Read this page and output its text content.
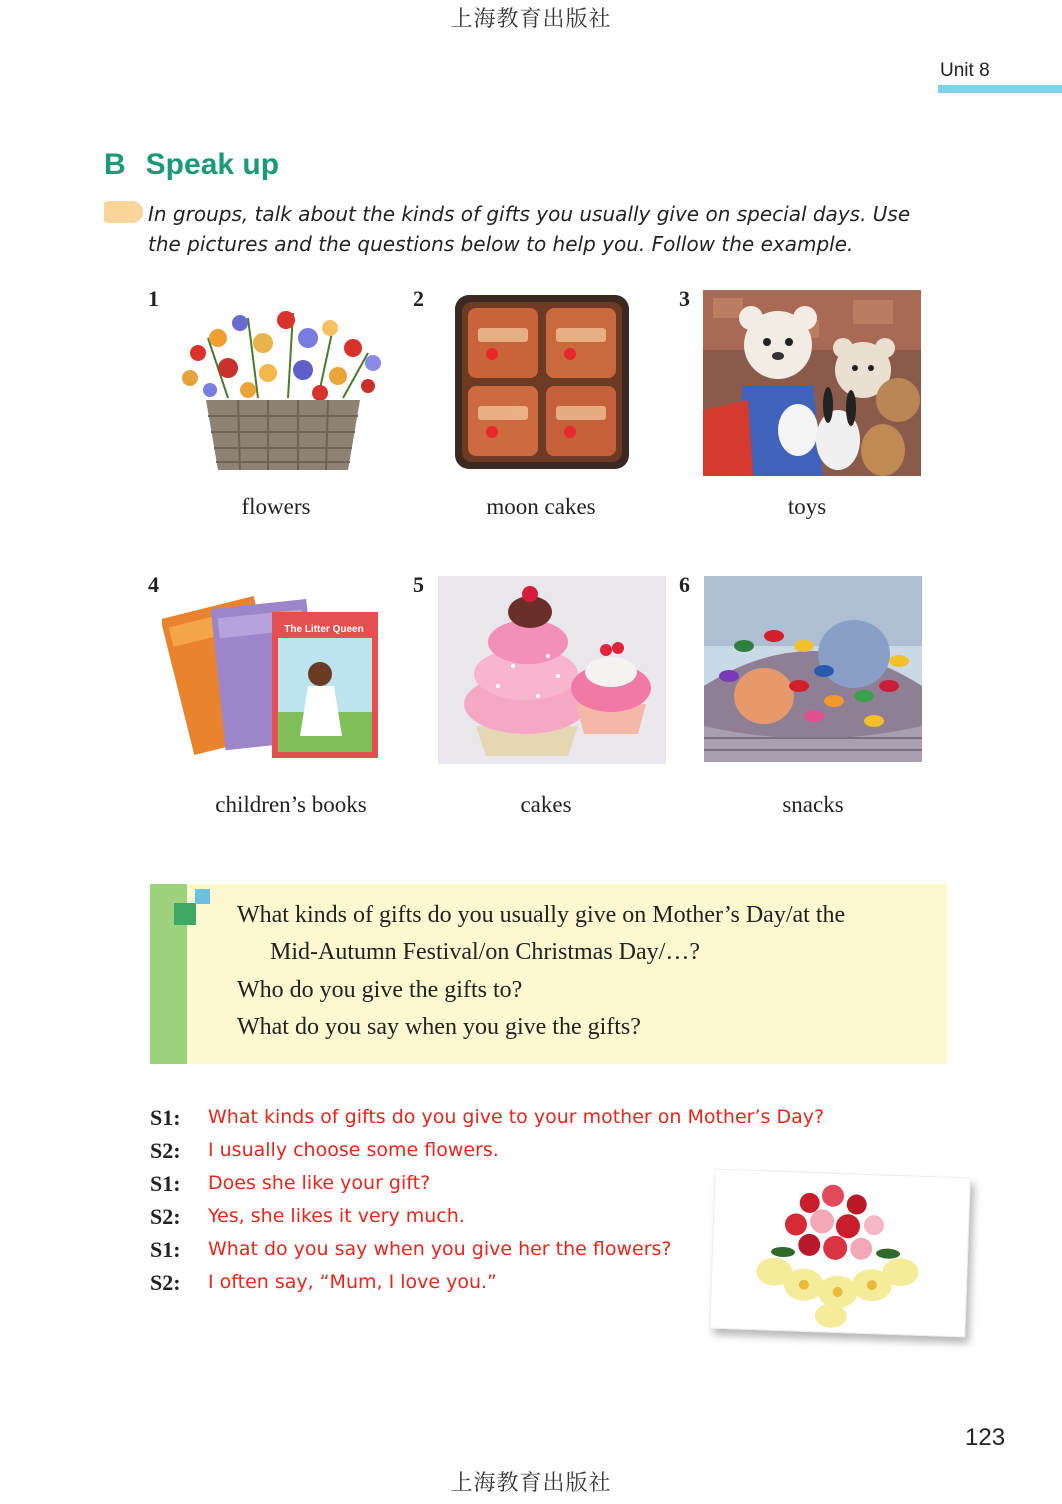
上海教育出版社
Unit 8
B Speak up
In groups, talk about the kinds of gifts you usually give on special days. Use the pictures and the questions below to help you. Follow the example.
1
flowers
2
moon cakes
3
toys
4
The Litter Queen
children’s books
5
cakes
6
snacks
What kinds of gifts do you usually give on Mother’s Day/at the
Mid-Autumn Festival/on Christmas Day/…?
Who do you give the gifts to?
What do you say when you give the gifts?
S1: What kinds of gifts do you give to your mother on Mother’s Day?
S2: I usually choose some flowers.
S1: Does she like your gift?
S2: Yes, she likes it very much.
S1: What do you say when you give her the flowers?
S2: I often say, “Mum, I love you.”
123
上海教育出版社
